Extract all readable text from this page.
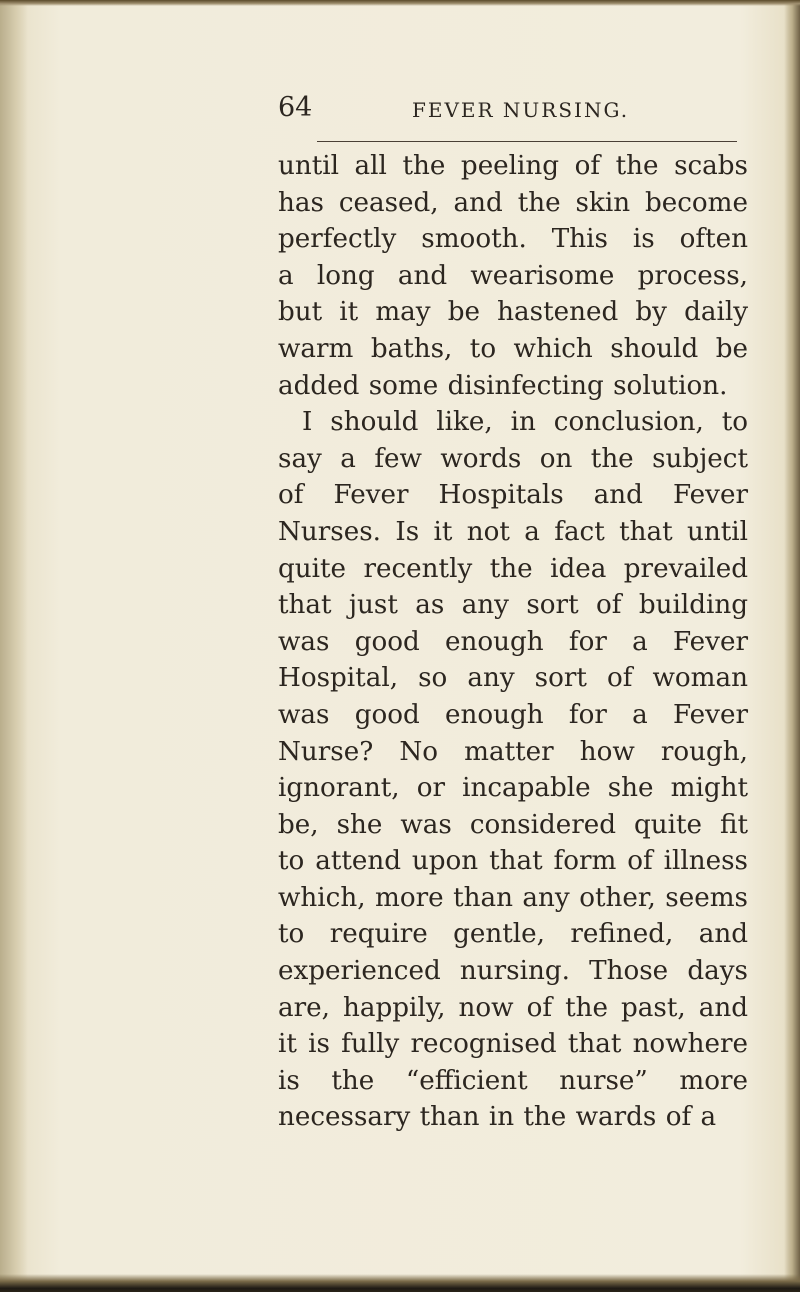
64	FEVER NURSING.
until all the peeling of the scabs
has ceased, and the skin become
perfectly smooth. This is often
a long and wearisome process,
but it may be hastened by daily
warm baths, to which should be
added some disinfecting solution.
I should like, in conclusion, to
say a few words on the subject
of Fever Hospitals and Fever
Nurses. Is it not a fact that until
quite recently the idea prevailed
that just as any sort of building
was good enough for a Fever
Hospital, so any sort of woman
was good enough for a Fever
Nurse? No matter how rough,
ignorant, or incapable she might
be, she was considered quite fit
to attend upon that form of illness
which, more than any other, seems
to require gentle, refined, and
experienced nursing. Those days
are, happily, now of the past, and
it is fully recognised that nowhere
is the “efficient nurse” more
necessary than in the wards of a
